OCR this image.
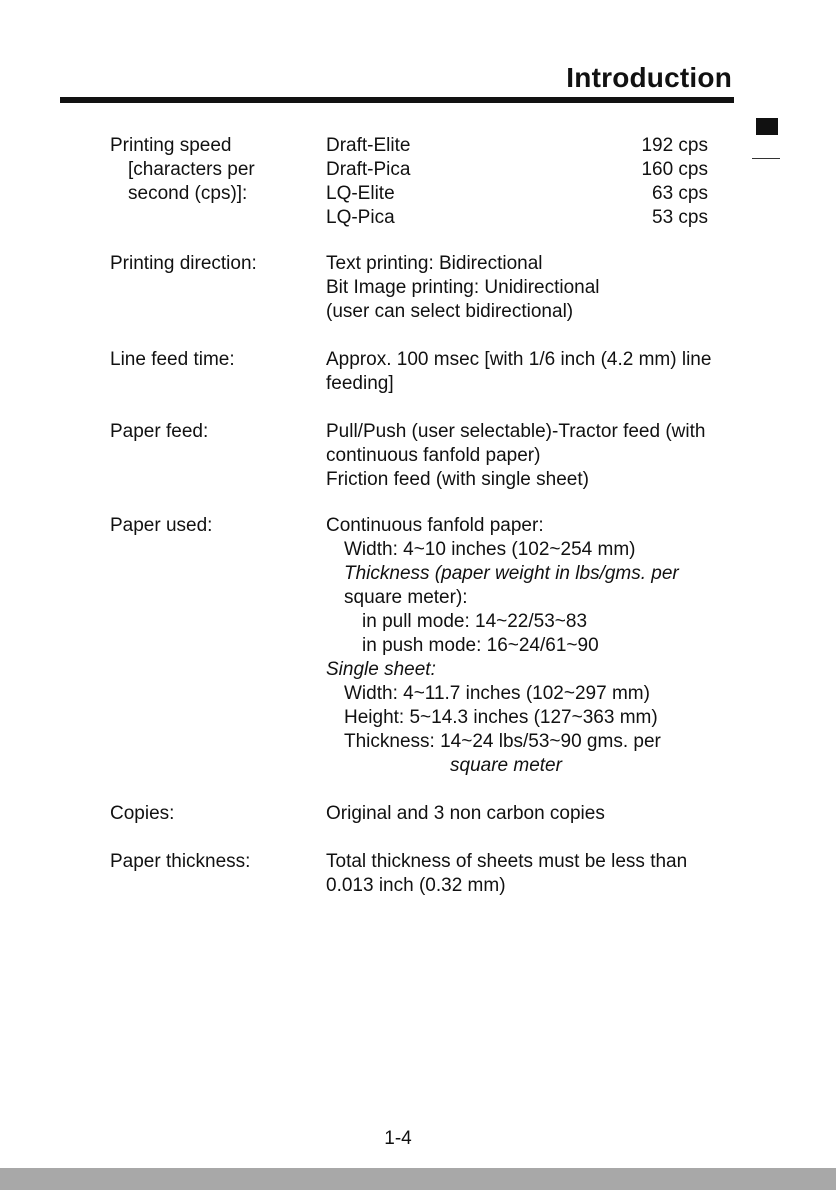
Introduction
Printing speed
[characters per
second (cps)]:
Draft-Elite	192 cps
Draft-Pica	160 cps
LQ-Elite	63 cps
LQ-Pica	53 cps
Printing direction:	Text printing: Bidirectional
Bit Image printing: Unidirectional
(user can select bidirectional)
Line feed time:	Approx. 100 msec [with 1/6 inch (4.2 mm) line
feeding]
Paper feed:	Pull/Push (user selectable)-Tractor feed (with
continuous fanfold paper)
Friction feed (with single sheet)
Paper used:	Continuous fanfold paper:
Width: 4~10 inches (102~254 mm)
Thickness (paper weight in lbs/gms. per
square meter):
in pull mode: 14~22/53~83
in push mode: 16~24/61~90
Single sheet:
Width: 4~11.7 inches (102~297 mm)
Height: 5~14.3 inches (127~363 mm)
Thickness: 14~24 lbs/53~90 gms. per
square meter
Copies:	Original and 3 non carbon copies
Paper thickness:	Total thickness of sheets must be less than
0.013 inch (0.32 mm)
1-4
